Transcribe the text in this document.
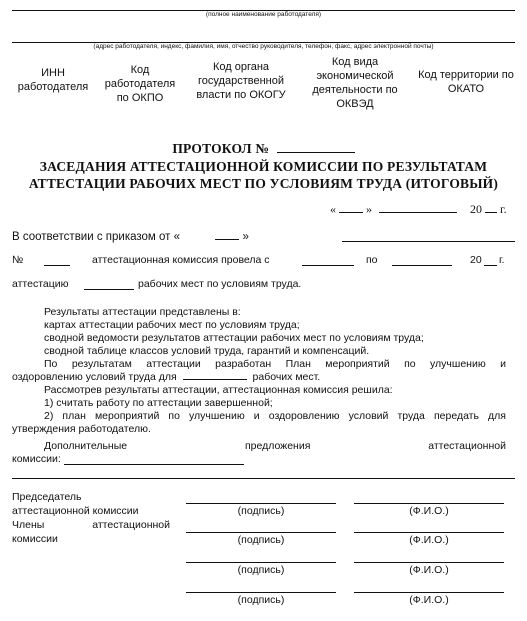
(полное наименование работодателя)
(адрес работодателя, индекс, фамилия, имя, отчество руководителя, телефон, факс, адрес электронной почты)
ИНН работодателя
Код работодателя по ОКПО
Код органа государственной власти по ОКОГУ
Код вида экономической деятельности по ОКВЭД
Код территории по ОКАТО
ПРОТОКОЛ №
ЗАСЕДАНИЯ АТТЕСТАЦИОННОЙ КОМИССИИ ПО РЕЗУЛЬТАТАМ
АТТЕСТАЦИИ РАБОЧИХ МЕСТ ПО УСЛОВИЯМ ТРУДА (ИТОГОВЫЙ)
«	»	20 г.
В соответствии с приказом от «	»
№	аттестационная комиссия провела с	по	20 г.
аттестацию	рабочих мест по условиям труда.
Результаты аттестации представлены в:
картах аттестации рабочих мест по условиям труда;
сводной ведомости результатов аттестации рабочих мест по условиям труда;
сводной таблице классов условий труда, гарантий и компенсаций.
По результатам аттестации разработан План мероприятий по улучшению и
оздоровлению условий труда для	рабочих мест.
Рассмотрев результаты аттестации, аттестационная комиссия решила:
1) считать работу по аттестации завершенной;
2) план мероприятий по улучшению и оздоровлению условий труда передать для
утверждения работодателю.
Дополнительные предложения аттестационной
комиссии:
Председатель
аттестационной комиссии
Члены аттестационной
комиссии
(подпись)	(Ф.И.О.)
(подпись)	(Ф.И.О.)
(подпись)	(Ф.И.О.)
(подпись)	(Ф.И.О.)
